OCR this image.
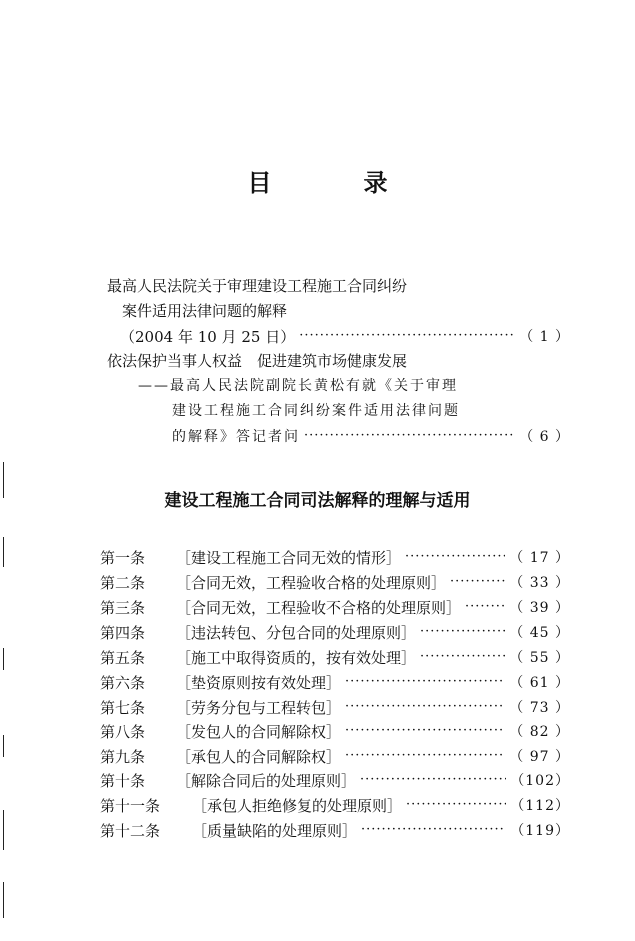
目　录
最高人民法院关于审理建设工程施工合同纠纷
案件适用法律问题的解释
（2004 年 10 月 25 日） ·····	（ 1 ）
依法保护当事人权益　促进建筑市场健康发展
——最高人民法院副院长黄松有就《关于审理
建设工程施工合同纠纷案件适用法律问题
的解释》答记者问 ·····	（ 6 ）
建设工程施工合同司法解释的理解与适用
第一条	［建设工程施工合同无效的情形］ ·····	（ 17 ）
第二条	［合同无效，工程验收合格的处理原则］ ·····	（ 33 ）
第三条	［合同无效，工程验收不合格的处理原则］ ·····	（ 39 ）
第四条	［违法转包、分包合同的处理原则］ ·····	（ 45 ）
第五条	［施工中取得资质的，按有效处理］ ·····	（ 55 ）
第六条	［垫资原则按有效处理］ ·····	（ 61 ）
第七条	［劳务分包与工程转包］ ·····	（ 73 ）
第八条	［发包人的合同解除权］ ·····	（ 82 ）
第九条	［承包人的合同解除权］ ·····	（ 97 ）
第十条	［解除合同后的处理原则］ ·····	（102）
第十一条	［承包人拒绝修复的处理原则］ ·····	（112）
第十二条	［质量缺陷的处理原则］ ·····	（119）
